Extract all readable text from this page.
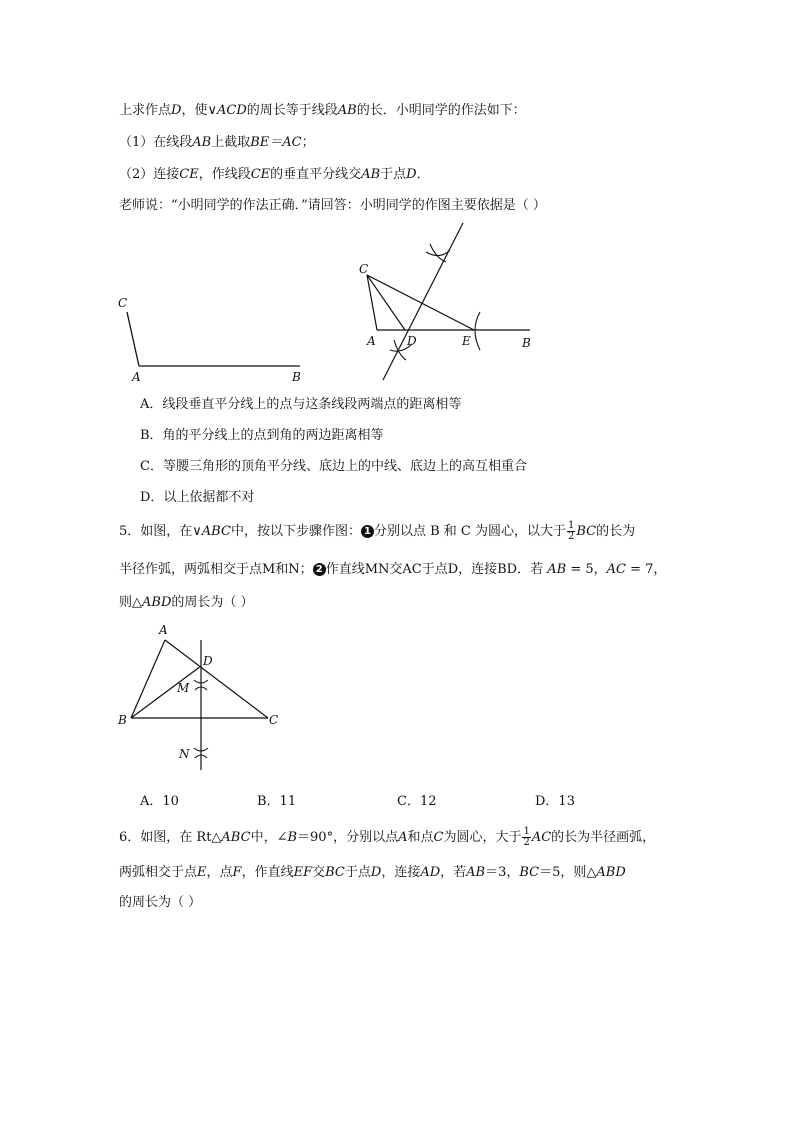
上求作点D，使∨ACD的周长等于线段AB的长．小明同学的作法如下：
（1）在线段AB上截取BE＝AC；
（2）连接CE，作线段CE的垂直平分线交AB于点D．
老师说：“小明同学的作法正确．”请回答：小明同学的作图主要依据是（ ）
C
A	B
C
A	D	E	B
A．线段垂直平分线上的点与这条线段两端点的距离相等
B．角的平分线上的点到角的两边距离相等
C．等腰三角形的顶角平分线、底边上的中线、底边上的高互相重合
D．以上依据都不对
5．如图，在∨ABC中，按以下步骤作图： 1 分别以点 B 和 C 为圆心，以大于 $\frac{1}{2}$ BC的长为
半径作弧，两弧相交于点M和N； 2 作直线MN交AC于点D，连接BD．若 AB = 5，AC = 7，
则△ABD的周长为（ ）
A
D
M
B	C
N
A．10	B．11	C．12	D．13
6．如图，在 Rt△ABC中，∠B＝90°，分别以点A和点C为圆心，大于 $\frac{1}{2}$ AC的长为半径画弧，
两弧相交于点E，点F，作直线EF交BC于点D，连接AD，若AB＝3，BC＝5，则△ABD
的周长为（ ）
